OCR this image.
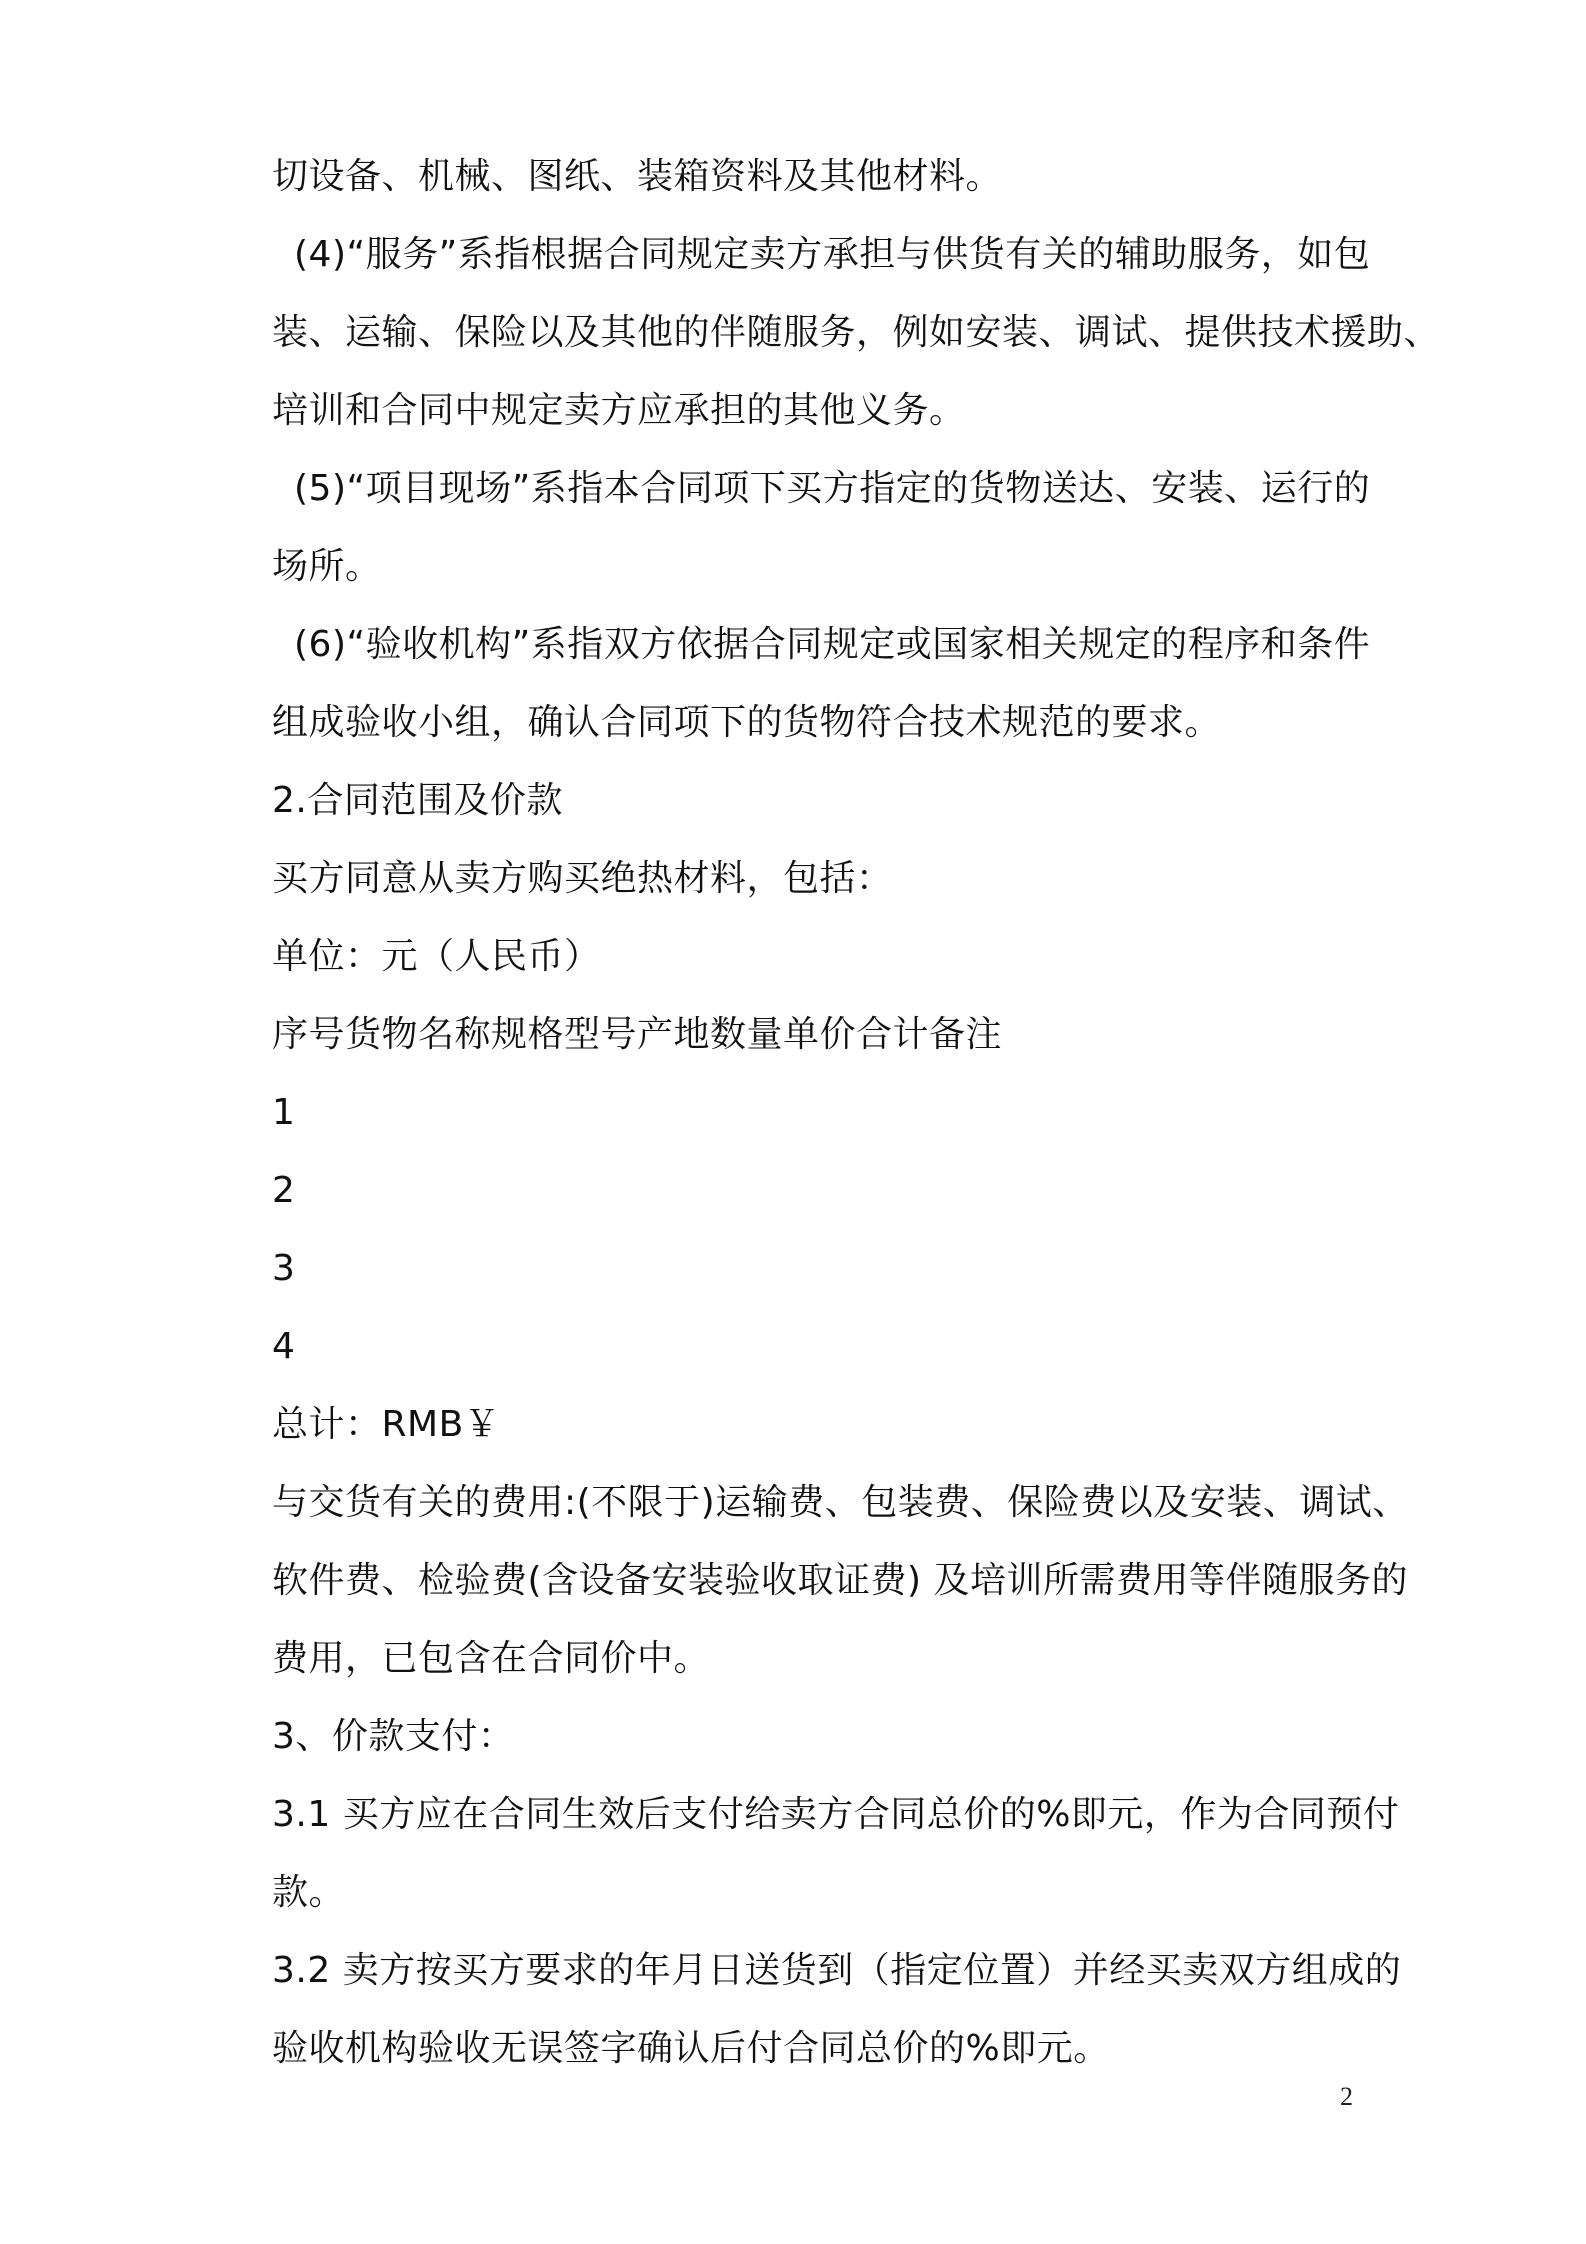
切设备、机械、图纸、装箱资料及其他材料。
(4)“服务”系指根据合同规定卖方承担与供货有关的辅助服务，如包
装、运输、保险以及其他的伴随服务，例如安装、调试、提供技术援助、
培训和合同中规定卖方应承担的其他义务。
(5)“项目现场”系指本合同项下买方指定的货物送达、安装、运行的
场所。
(6)“验收机构”系指双方依据合同规定或国家相关规定的程序和条件
组成验收小组，确认合同项下的货物符合技术规范的要求。
2.合同范围及价款
买方同意从卖方购买绝热材料，包括：
单位：元（人民币）
序号货物名称规格型号产地数量单价合计备注
1
2
3
4
总计：RMB￥
与交货有关的费用:(不限于)运输费、包装费、保险费以及安装、调试、
软件费、检验费(含设备安装验收取证费) 及培训所需费用等伴随服务的
费用，已包含在合同价中。
3、价款支付：
3.1 买方应在合同生效后支付给卖方合同总价的%即元，作为合同预付
款。
3.2 卖方按买方要求的年月日送货到（指定位置）并经买卖双方组成的
验收机构验收无误签字确认后付合同总价的%即元。
2
